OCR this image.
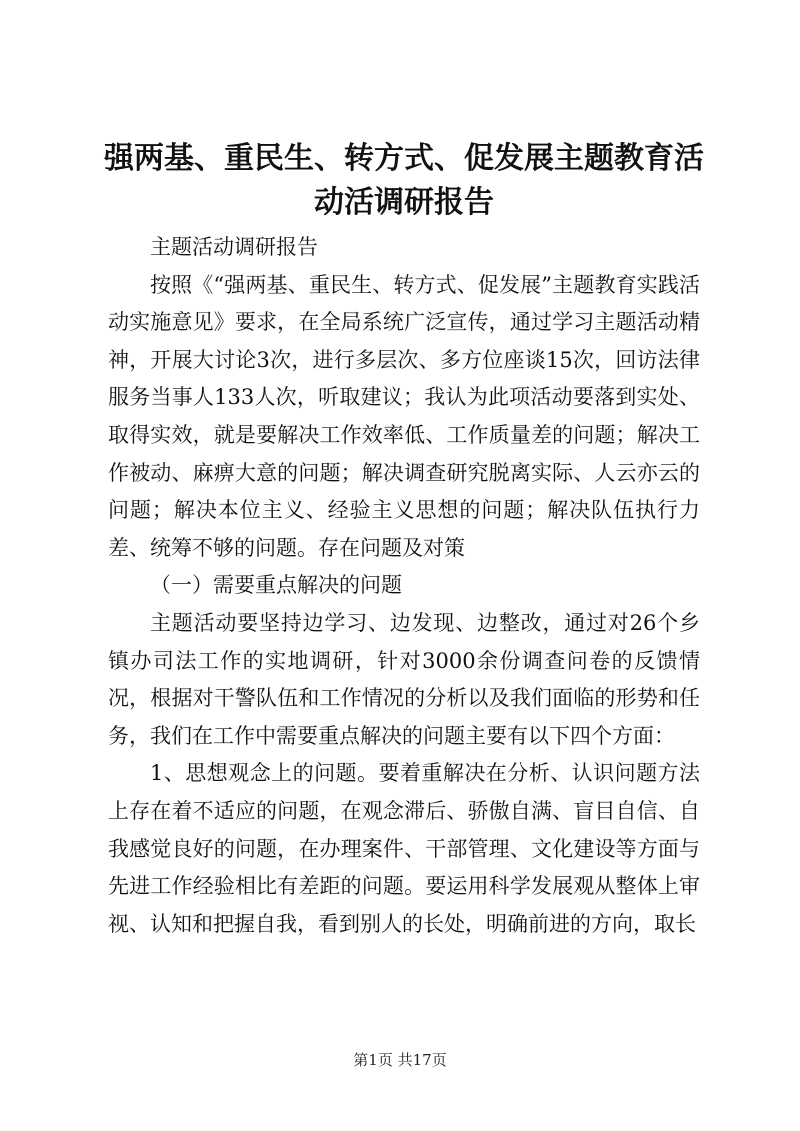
强两基、重民生、转方式、促发展主题教育活动活调研报告

主题活动调研报告

按照《“强两基、重民生、转方式、促发展”主题教育实践活动实施意见》要求，在全局系统广泛宣传，通过学习主题活动精神，开展大讨论3次，进行多层次、多方位座谈15次，回访法律服务当事人133人次，听取建议；我认为此项活动要落到实处、取得实效，就是要解决工作效率低、工作质量差的问题；解决工作被动、麻痹大意的问题；解决调查研究脱离实际、人云亦云的问题；解决本位主义、经验主义思想的问题；解决队伍执行力差、统筹不够的问题。存在问题及对策

（一）需要重点解决的问题

主题活动要坚持边学习、边发现、边整改，通过对26个乡镇办司法工作的实地调研，针对3000余份调查问卷的反馈情况，根据对干警队伍和工作情况的分析以及我们面临的形势和任务，我们在工作中需要重点解决的问题主要有以下四个方面：

1、思想观念上的问题。要着重解决在分析、认识问题方法上存在着不适应的问题，在观念滞后、骄傲自满、盲目自信、自我感觉良好的问题，在办理案件、干部管理、文化建设等方面与先进工作经验相比有差距的问题。要运用科学发展观从整体上审视、认知和把握自我，看到别人的长处，明确前进的方向，取长

第1页 共17页
